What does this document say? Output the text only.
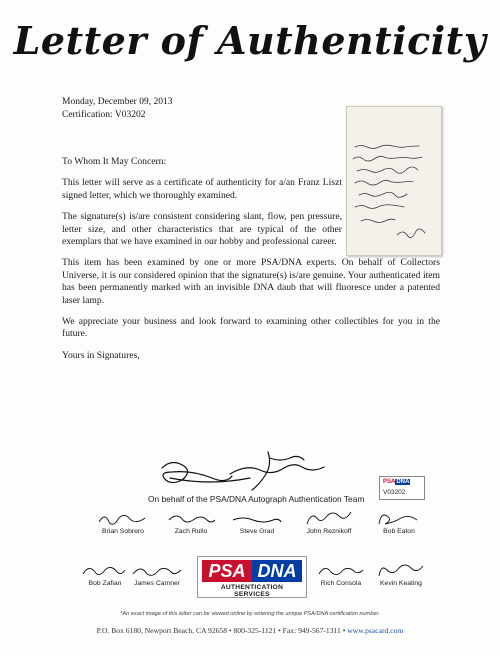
Letter of Authenticity
Monday, December 09, 2013
Certification: V03202

To Whom It May Concern:

This letter will serve as a certificate of authenticity for a/an Franz Liszt signed letter, which we thoroughly examined.

The signature(s) is/are consistent considering slant, flow, pen pressure, letter size, and other characteristics that are typical of the other exemplars that we have examined in our hobby and professional career.

This item has been examined by one or more PSA/DNA experts. On behalf of Collectors Universe, it is our considered opinion that the signature(s) is/are genuine. Your authenticated item has been permanently marked with an invisible DNA daub that will fluoresce under a patented laser lamp.

We appreciate your business and look forward to examining other collectibles for you in the future.

Yours in Signatures,

PSADNA
V03202
On behalf of the PSA/DNA Autograph Authentication Team
Brian Sobrero	Zach Rullo	Steve Grad	John Reznikoff	Bob Eaton
Bob Zafian	James Camner	Rich Consola	Kevin Keating
PSA DNA
AUTHENTICATION SERVICES
*An exact image of this letter can be viewed online by entering the unique PSA/DNA certification number.
P.O. Box 6180, Newport Beach, CA 92658 • 800-325-1121 • Fax: 949-567-1311 • www.psacard.com
